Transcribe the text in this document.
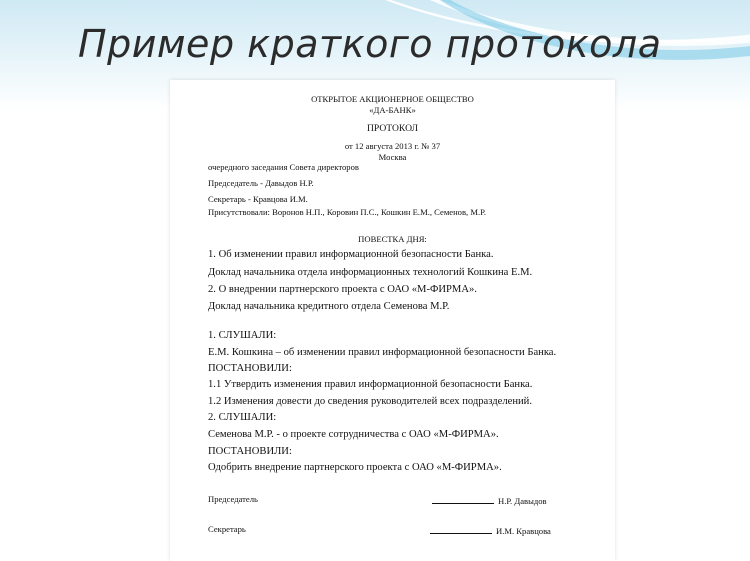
Пример краткого протокола
ОТКРЫТОЕ АКЦИОНЕРНОЕ ОБЩЕСТВО
«ДА-БАНК»
ПРОТОКОЛ
от 12 августа 2013 г. № 37
Москва
очередного заседания Совета директоров
Председатель - Давыдов Н.Р.
Секретарь - Кравцова И.М.
Присутствовали: Воронов Н.П., Коровин П.С., Кошкин Е.М., Семенов, М.Р.
ПОВЕСТКА ДНЯ:
1. Об изменении правил информационной безопасности Банка.
Доклад начальника отдела информационных технологий Кошкина Е.М.
2. О внедрении партнерского проекта с ОАО «М-ФИРМА».
Доклад начальника кредитного отдела Семенова М.Р.
1. СЛУШАЛИ:
Е.М. Кошкина – об изменении правил информационной безопасности Банка.
ПОСТАНОВИЛИ:
1.1 Утвердить изменения правил информационной безопасности Банка.
1.2 Изменения довести до сведения руководителей всех подразделений.
2. СЛУШАЛИ:
Семенова М.Р. - о проекте сотрудничества с ОАО «М-ФИРМА».
ПОСТАНОВИЛИ:
Одобрить внедрение партнерского проекта с ОАО «М-ФИРМА».
Председатель	Н.Р. Давыдов
Секретарь	И.М. Кравцова
